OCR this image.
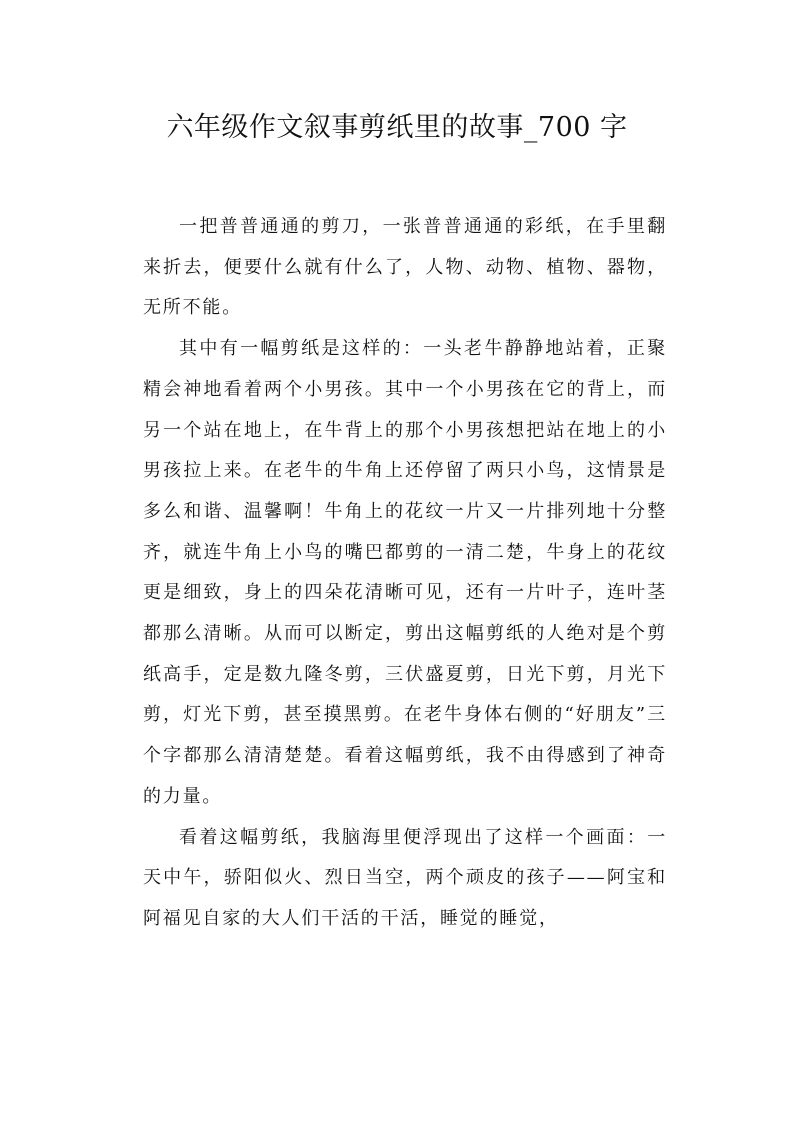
六年级作文叙事剪纸里的故事_700 字

一把普普通通的剪刀，一张普普通通的彩纸，在手里翻来折去，便要什么就有什么了，人物、动物、植物、器物，无所不能。

其中有一幅剪纸是这样的：一头老牛静静地站着，正聚精会神地看着两个小男孩。其中一个小男孩在它的背上，而另一个站在地上，在牛背上的那个小男孩想把站在地上的小男孩拉上来。在老牛的牛角上还停留了两只小鸟，这情景是多么和谐、温馨啊！牛角上的花纹一片又一片排列地十分整齐，就连牛角上小鸟的嘴巴都剪的一清二楚，牛身上的花纹更是细致，身上的四朵花清晰可见，还有一片叶子，连叶茎都那么清晰。从而可以断定，剪出这幅剪纸的人绝对是个剪纸高手，定是数九隆冬剪，三伏盛夏剪，日光下剪，月光下剪，灯光下剪，甚至摸黑剪。在老牛身体右侧的“好朋友”三个字都那么清清楚楚。看着这幅剪纸，我不由得感到了神奇的力量。

看着这幅剪纸，我脑海里便浮现出了这样一个画面：一天中午，骄阳似火、烈日当空，两个顽皮的孩子——阿宝和阿福见自家的大人们干活的干活，睡觉的睡觉，
